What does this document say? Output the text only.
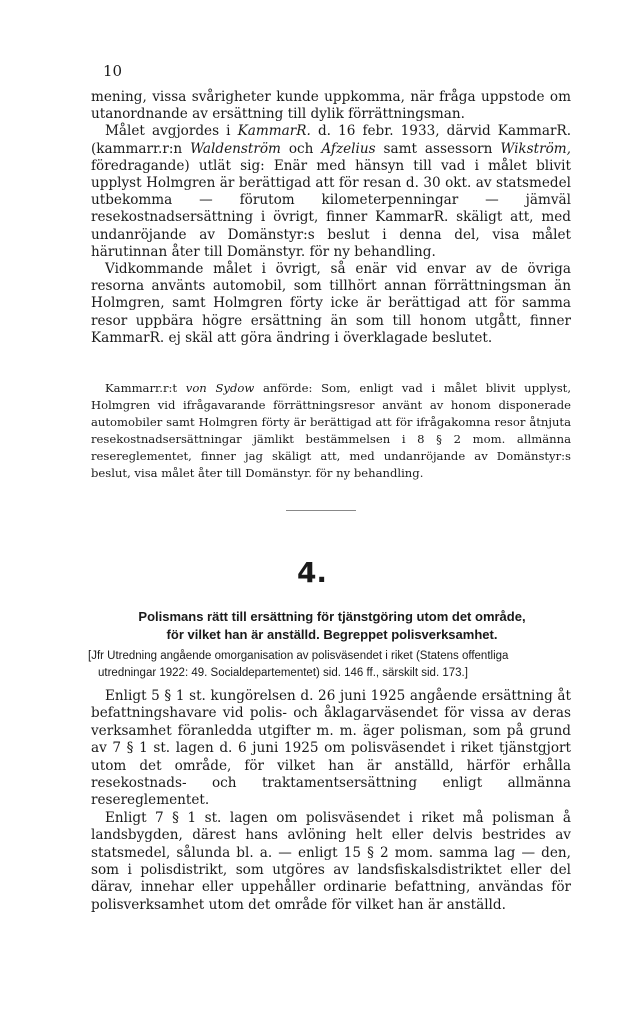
10

mening, vissa svårigheter kunde uppkomma, när fråga uppstode om utanordnande av ersättning till dylik förrättningsman.

Målet avgjordes i KammarR. d. 16 febr. 1933, därvid KammarR. (kammarr.r:n Waldenström och Afzelius samt assessorn Wikström, föredragande) utlät sig: Enär med hänsyn till vad i målet blivit upplyst Holmgren är berättigad att för resan d. 30 okt. av statsmedel utbekomma — förutom kilometerpenningar — jämväl resekostnadsersättning i övrigt, finner KammarR. skäligt att, med undanröjande av Domänstyr:s beslut i denna del, visa målet härutinnan åter till Domänstyr. för ny behandling.

Vidkommande målet i övrigt, så enär vid envar av de övriga resorna använts automobil, som tillhört annan förrättningsman än Holmgren, samt Holmgren förty icke är berättigad att för samma resor uppbära högre ersättning än som till honom utgått, finner KammarR. ej skäl att göra ändring i överklagade beslutet.

Kammarr.r:t von Sydow anförde: Som, enligt vad i målet blivit upplyst, Holmgren vid ifrågavarande förrättningsresor använt av honom disponerade automobiler samt Holmgren förty är berättigad att för ifrågakomna resor åtnjuta resekostnadsersättningar jämlikt bestämmelsen i 8 § 2 mom. allmänna resereglementet, finner jag skäligt att, med undanröjande av Domänstyr:s beslut, visa målet åter till Domänstyr. för ny behandling.

4.
Polismans rätt till ersättning för tjänstgöring utom det område,
för vilket han är anställd. Begreppet polisverksamhet.
[Jfr Utredning angående omorganisation av polisväsendet i riket (Statens offentliga
utredningar 1922: 49. Socialdepartementet) sid. 146 ff., särskilt sid. 173.]

Enligt 5 § 1 st. kungörelsen d. 26 juni 1925 angående ersättning åt befattningshavare vid polis- och åklagarväsendet för vissa av deras verksamhet föranledda utgifter m. m. äger polisman, som på grund av 7 § 1 st. lagen d. 6 juni 1925 om polisväsendet i riket tjänstgjort utom det område, för vilket han är anställd, härför erhålla resekostnads- och traktamentsersättning enligt allmänna resereglementet.

Enligt 7 § 1 st. lagen om polisväsendet i riket må polisman å landsbygden, därest hans avlöning helt eller delvis bestrides av statsmedel, sålunda bl. a. — enligt 15 § 2 mom. samma lag — den, som i polisdistrikt, som utgöres av landsfiskalsdistriktet eller del därav, innehar eller uppehåller ordinarie befattning, användas för polisverksamhet utom det område för vilket han är anställd.
